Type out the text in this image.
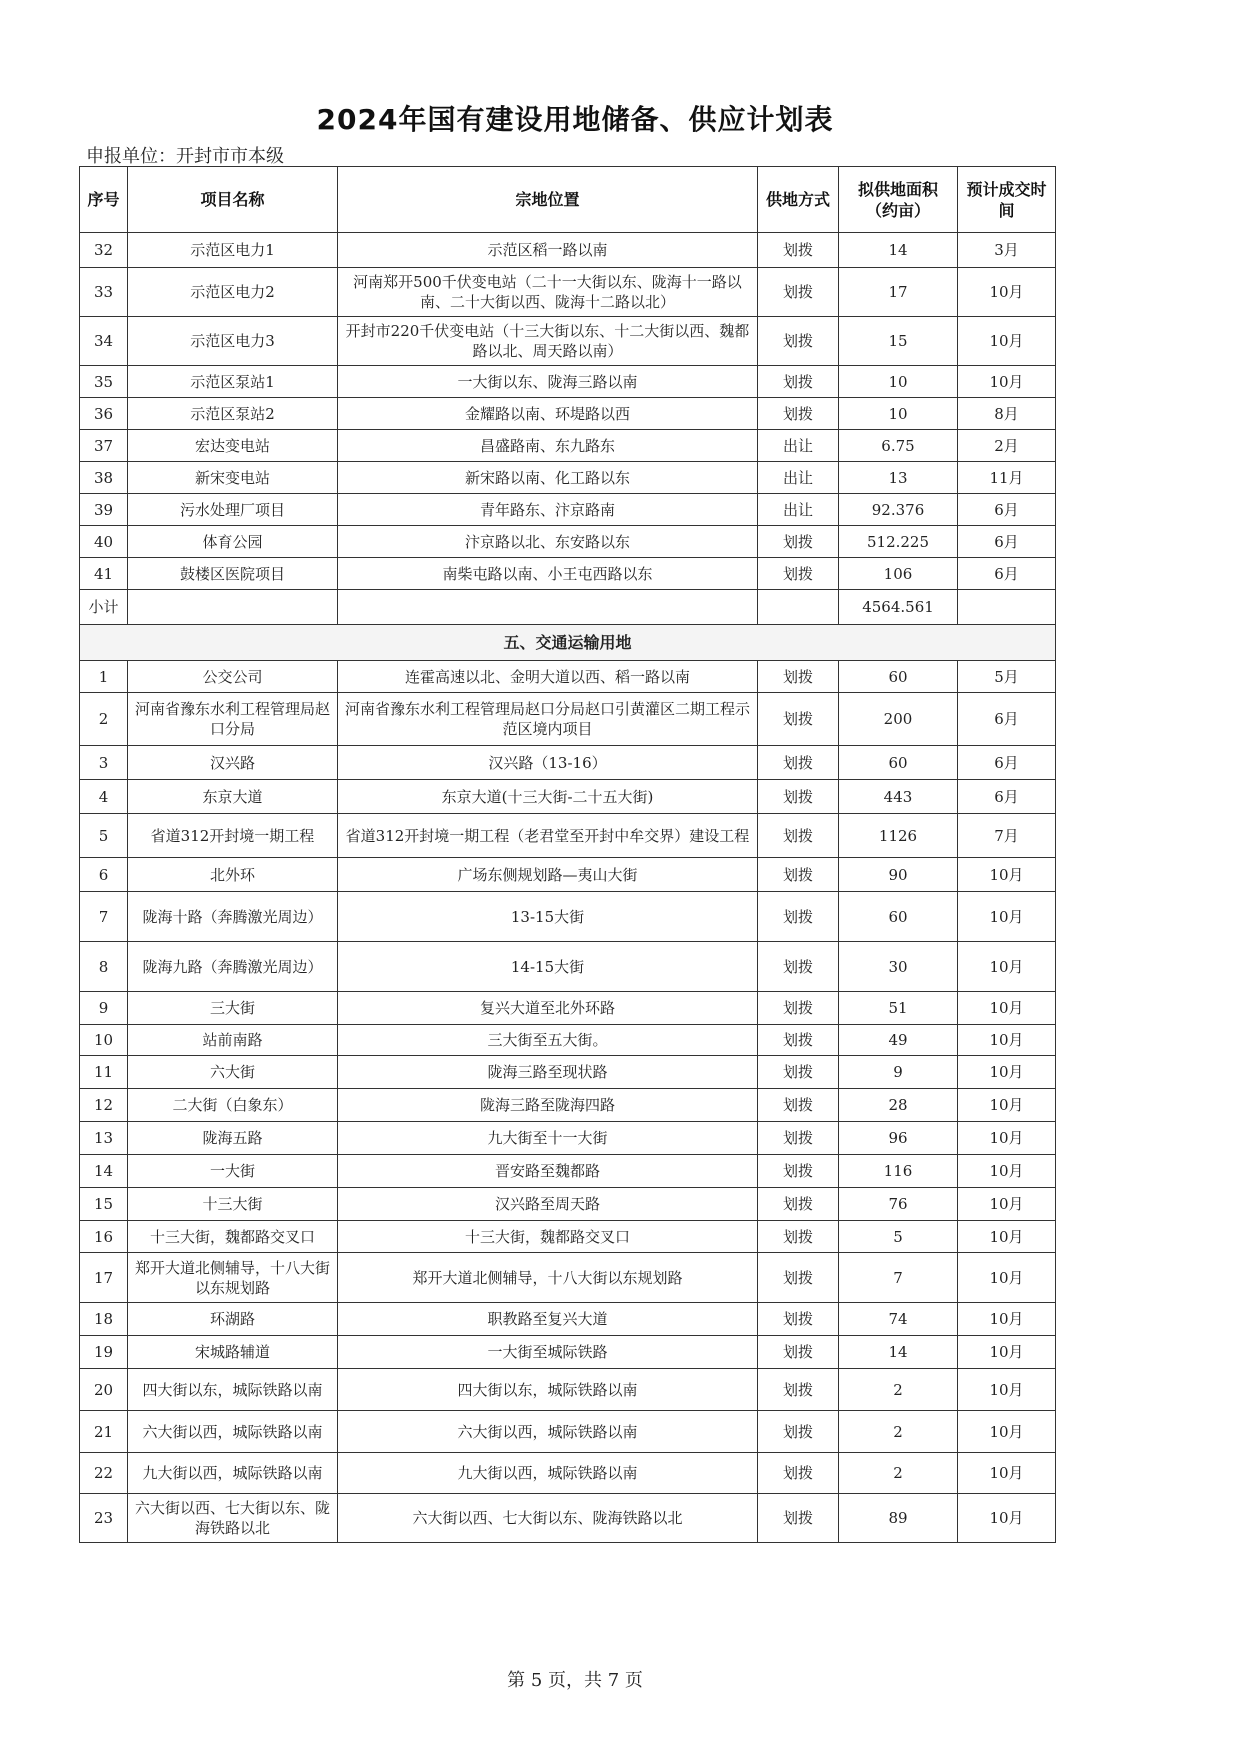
2024年国有建设用地储备、供应计划表
申报单位：开封市市本级
序号	项目名称	宗地位置	供地方式	拟供地面积（约亩）	预计成交时间
32	示范区电力1	示范区稻一路以南	划拨	14	3月
33	示范区电力2	河南郑开500千伏变电站（二十一大街以东、陇海十一路以南、二十大街以西、陇海十二路以北）	划拨	17	10月
34	示范区电力3	开封市220千伏变电站（十三大街以东、十二大街以西、魏都路以北、周天路以南）	划拨	15	10月
35	示范区泵站1	一大街以东、陇海三路以南	划拨	10	10月
36	示范区泵站2	金耀路以南、环堤路以西	划拨	10	8月
37	宏达变电站	昌盛路南、东九路东	出让	6.75	2月
38	新宋变电站	新宋路以南、化工路以东	出让	13	11月
39	污水处理厂项目	青年路东、汴京路南	出让	92.376	6月
40	体育公园	汴京路以北、东安路以东	划拨	512.225	6月
41	鼓楼区医院项目	南柴屯路以南、小王屯西路以东	划拨	106	6月
小计				4564.561	
五、交通运输用地					
1	公交公司	连霍高速以北、金明大道以西、稻一路以南	划拨	60	5月
2	河南省豫东水利工程管理局赵口分局	河南省豫东水利工程管理局赵口分局赵口引黄灌区二期工程示范区境内项目	划拨	200	6月
3	汉兴路	汉兴路（13-16）	划拨	60	6月
4	东京大道	东京大道(十三大街-二十五大街)	划拨	443	6月
5	省道312开封境一期工程	省道312开封境一期工程（老君堂至开封中牟交界）建设工程	划拨	1126	7月
6	北外环	广场东侧规划路—夷山大街	划拨	90	10月
7	陇海十路（奔腾激光周边）	13-15大街	划拨	60	10月
8	陇海九路（奔腾激光周边）	14-15大街	划拨	30	10月
9	三大街	复兴大道至北外环路	划拨	51	10月
10	站前南路	三大街至五大街。	划拨	49	10月
11	六大街	陇海三路至现状路	划拨	9	10月
12	二大街（白象东）	陇海三路至陇海四路	划拨	28	10月
13	陇海五路	九大街至十一大街	划拨	96	10月
14	一大街	晋安路至魏都路	划拨	116	10月
15	十三大街	汉兴路至周天路	划拨	76	10月
16	十三大街，魏都路交叉口	十三大街，魏都路交叉口	划拨	5	10月
17	郑开大道北侧辅导，十八大街以东规划路	郑开大道北侧辅导，十八大街以东规划路	划拨	7	10月
18	环湖路	职教路至复兴大道	划拨	74	10月
19	宋城路辅道	一大街至城际铁路	划拨	14	10月
20	四大街以东，城际铁路以南	四大街以东，城际铁路以南	划拨	2	10月
21	六大街以西，城际铁路以南	六大街以西，城际铁路以南	划拨	2	10月
22	九大街以西，城际铁路以南	九大街以西，城际铁路以南	划拨	2	10月
23	六大街以西、七大街以东、陇海铁路以北	六大街以西、七大街以东、陇海铁路以北	划拨	89	10月
第 5 页，共 7 页
